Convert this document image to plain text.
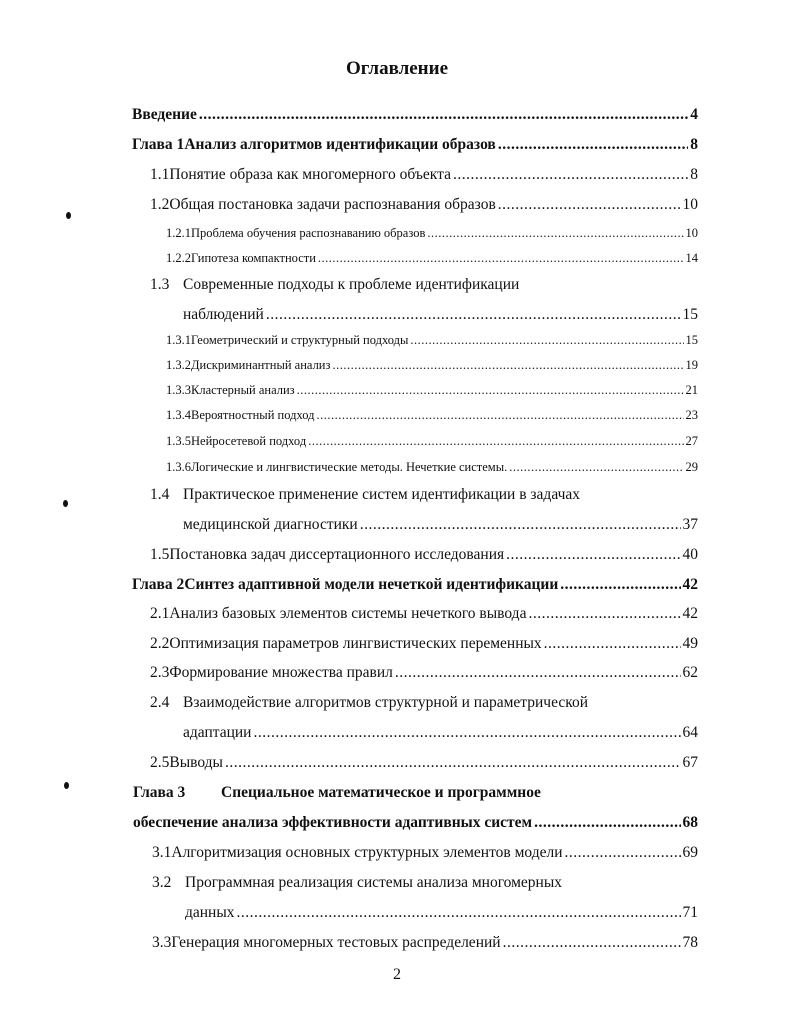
Оглавление
Введение .....	4
Глава 1 Анализ алгоритмов идентификации образов .....	8
1.1 Понятие образа как многомерного объекта .....	8
1.2 Общая постановка задачи распознавания образов .....	10
1.2.1 Проблема обучения распознаванию образов .....	10
1.2.2 Гипотеза компактности .....	14
1.3 Современные подходы к проблеме идентификации
наблюдений .....	15
1.3.1 Геометрический и структурный подходы .....	15
1.3.2 Дискриминантный анализ .....	19
1.3.3 Кластерный анализ .....	21
1.3.4 Вероятностный подход .....	23
1.3.5 Нейросетевой подход .....	27
1.3.6 Логические и лингвистические методы. Нечеткие системы. .....	29
1.4 Практическое применение систем идентификации в задачах
медицинской диагностики .....	37
1.5 Постановка задач диссертационного исследования .....	40
Глава 2 Синтез адаптивной модели нечеткой идентификации .....	42
2.1 Анализ базовых элементов системы нечеткого вывода .....	42
2.2 Оптимизация параметров лингвистических переменных .....	49
2.3 Формирование множества правил .....	62
2.4 Взаимодействие алгоритмов структурной и параметрической
адаптации .....	64
2.5 Выводы .....	67
Глава 3 Специальное математическое и программное
обеспечение анализа эффективности адаптивных систем .....	68
3.1 Алгоритмизация основных структурных элементов модели .....	69
3.2 Программная реализация системы анализа многомерных
данных .....	71
3.3 Генерация многомерных тестовых распределений .....	78
2
